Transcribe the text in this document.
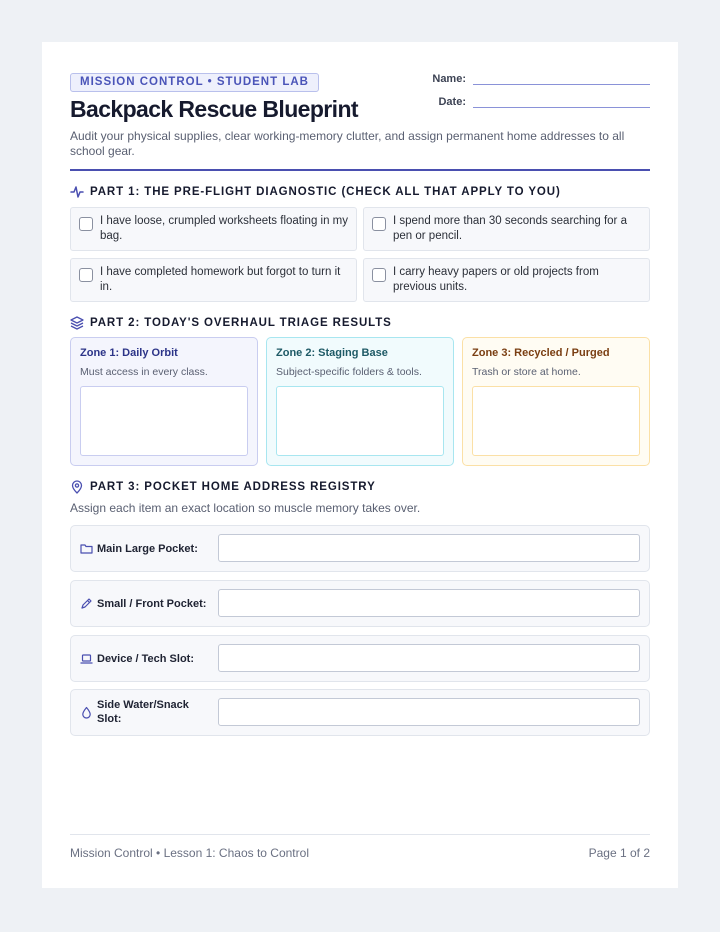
MISSION CONTROL • STUDENT LAB
Backpack Rescue Blueprint
Name:
Date:
Audit your physical supplies, clear working-memory clutter, and assign permanent home addresses to all school gear.
PART 1: THE PRE-FLIGHT DIAGNOSTIC (CHECK ALL THAT APPLY TO YOU)
I have loose, crumpled worksheets floating in my bag.
I spend more than 30 seconds searching for a pen or pencil.
I have completed homework but forgot to turn it in.
I carry heavy papers or old projects from previous units.
PART 2: TODAY'S OVERHAUL TRIAGE RESULTS
Zone 1: Daily Orbit
Must access in every class.
Zone 2: Staging Base
Subject-specific folders & tools.
Zone 3: Recycled / Purged
Trash or store at home.
PART 3: POCKET HOME ADDRESS REGISTRY
Assign each item an exact location so muscle memory takes over.
Main Large Pocket:
Small / Front Pocket:
Device / Tech Slot:
Side Water/Snack Slot:
Mission Control • Lesson 1: Chaos to Control	Page 1 of 2
